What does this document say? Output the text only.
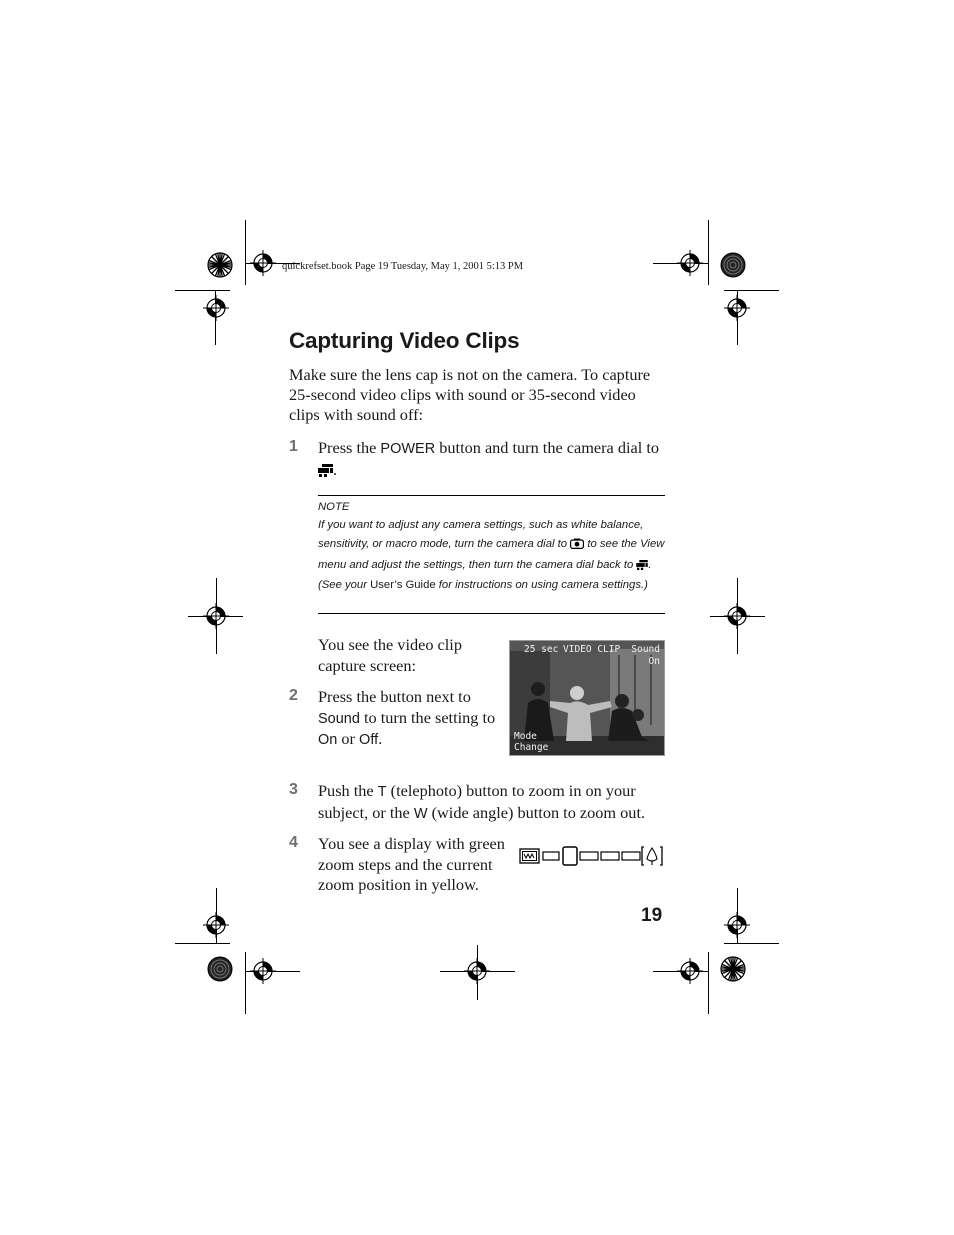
quickrefset.book Page 19 Tuesday, May 1, 2001 5:13 PM
Capturing Video Clips
Make sure the lens cap is not on the camera. To capture 25-second video clips with sound or 35-second video clips with sound off:
1 Press the POWER button and turn the camera dial to .
NOTE
If you want to adjust any camera settings, such as white balance, sensitivity, or macro mode, turn the camera dial to  to see the View menu and adjust the settings, then turn the camera dial back to . (See your User’s Guide for instructions on using camera settings.)
You see the video clip capture screen:
25 sec VIDEO CLIP Sound
On
Mode
Change
2 Press the button next to Sound to turn the setting to On or Off.
3 Push the T (telephoto) button to zoom in on your subject, or the W (wide angle) button to zoom out.
4 You see a display with green zoom steps and the current zoom position in yellow.
19
